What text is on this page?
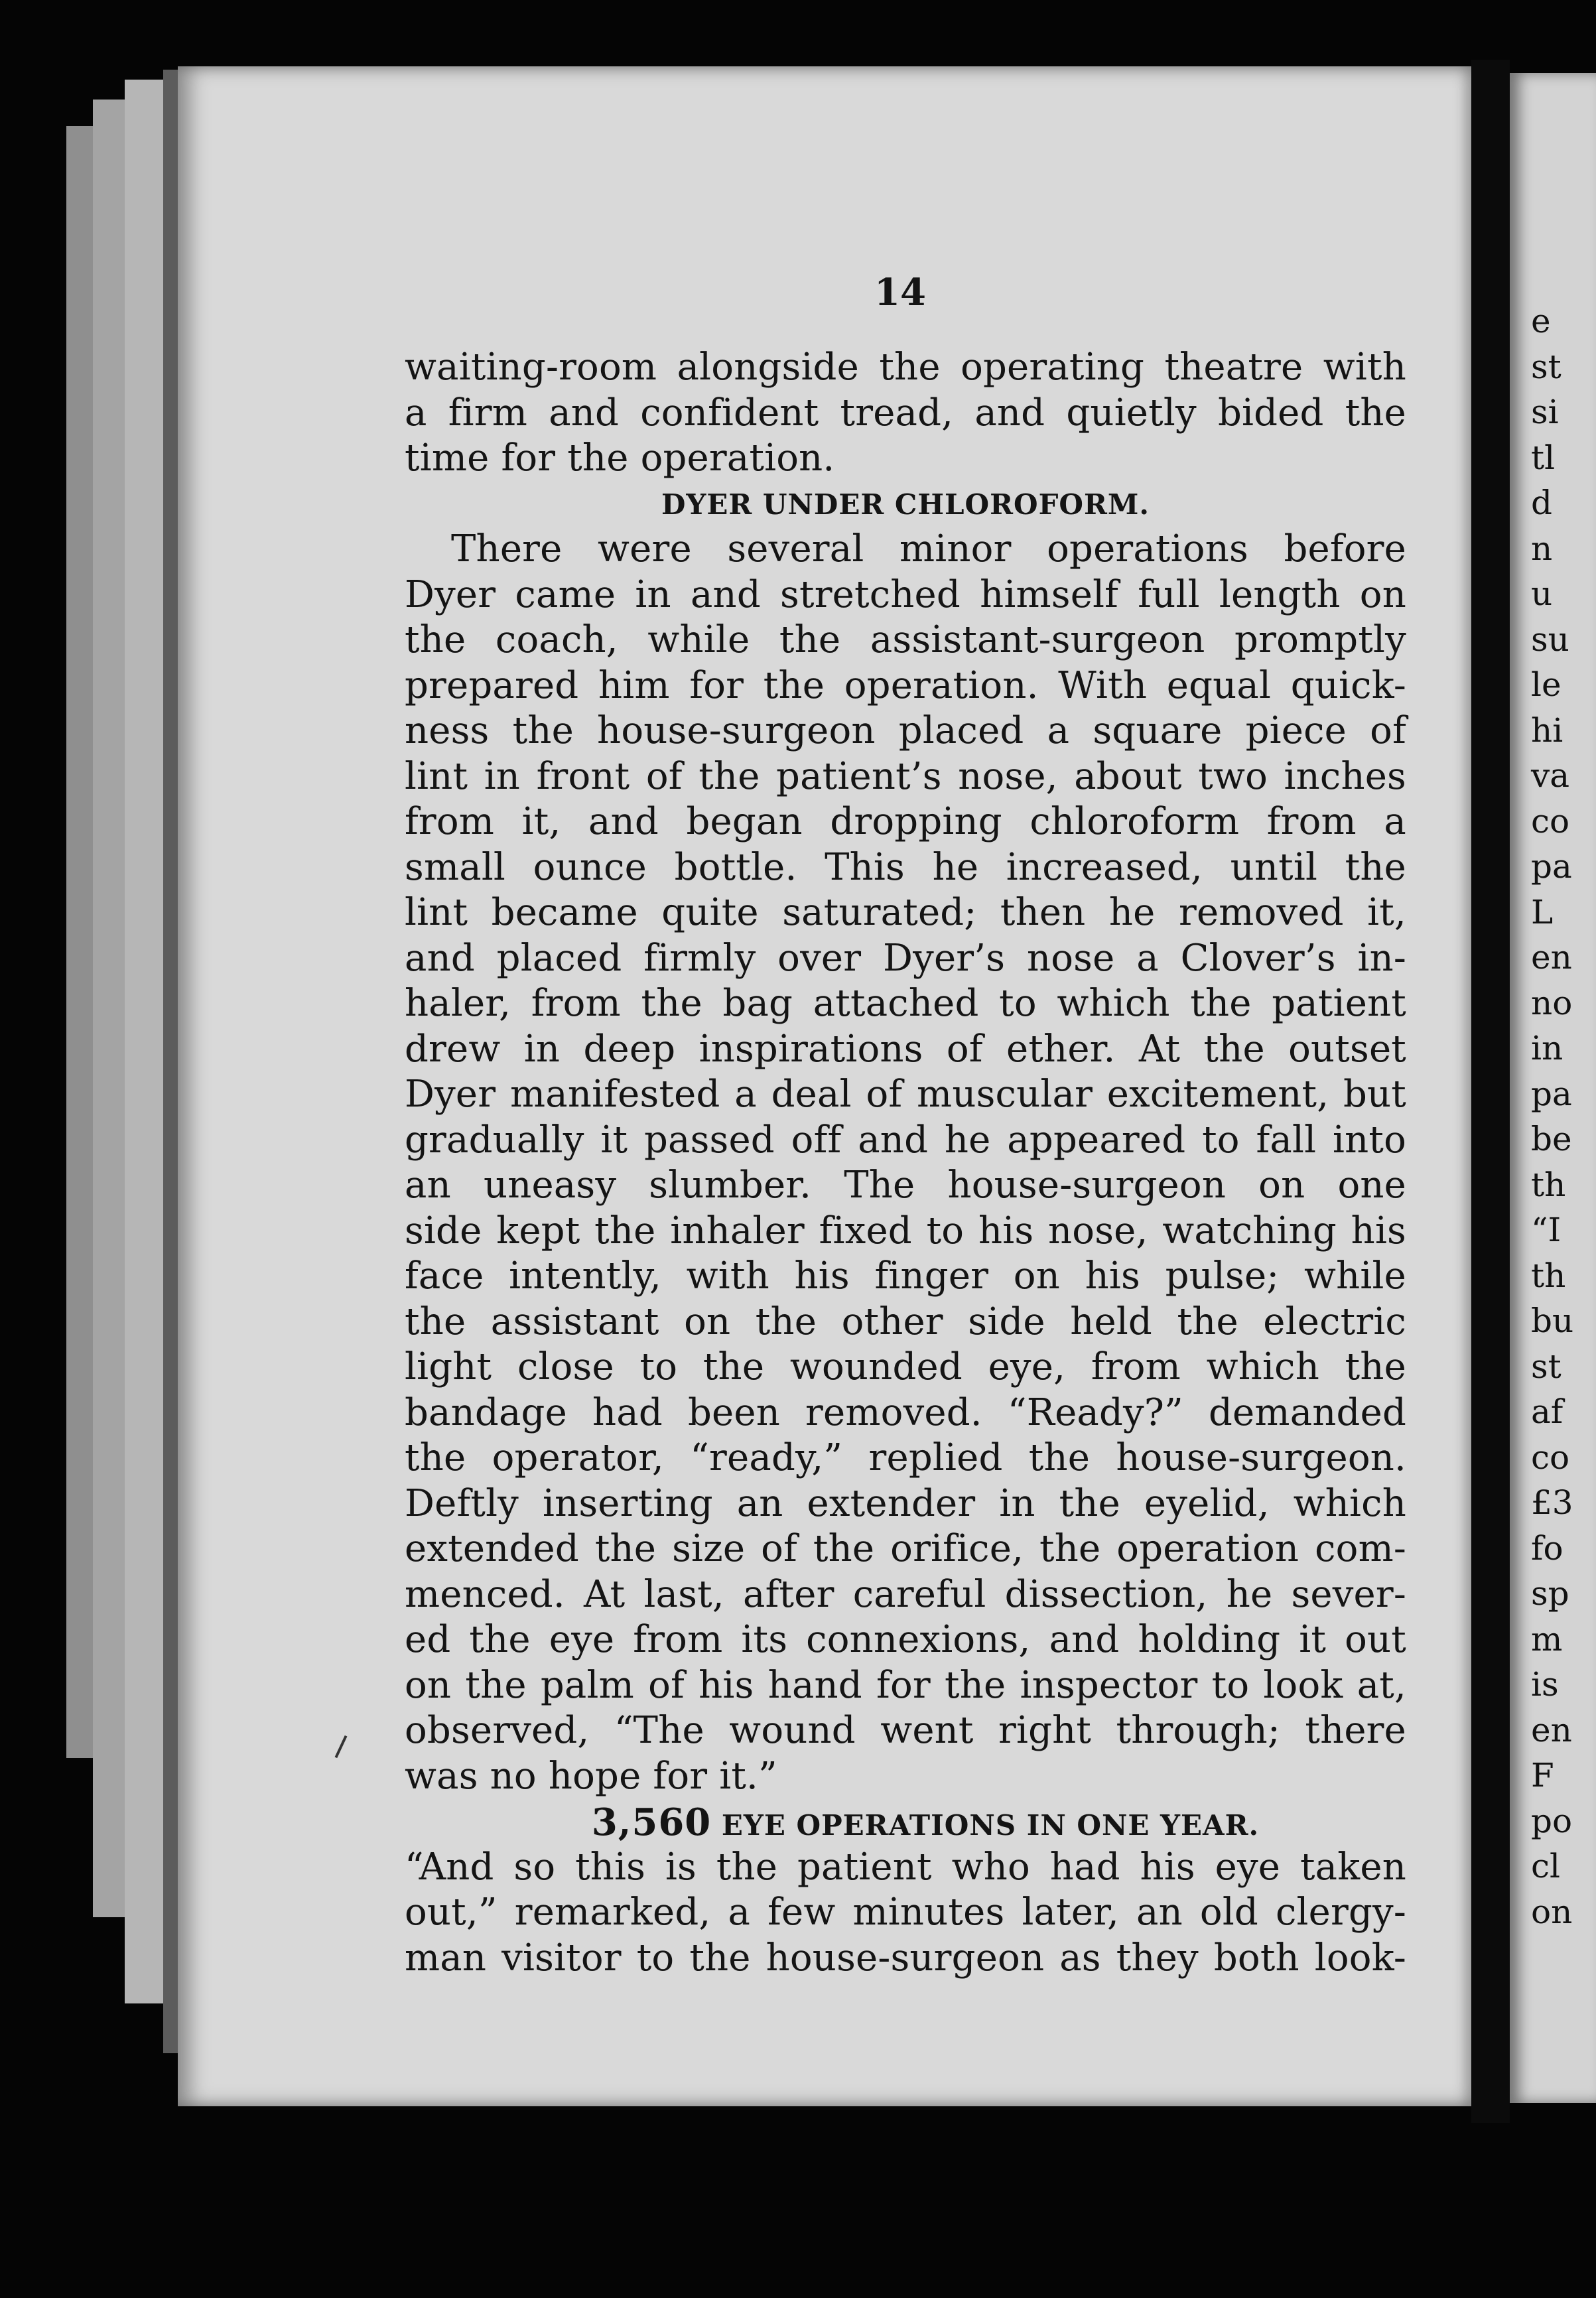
e
st
si
tl
d
n
u
su
le
hi
va
co
pa
L
en
no
in
pa
be
th
“I
th
bu
st
af
co
£3
fo
sp
m
is
en
F
po
cl
on
14
waiting-room alongside the operating theatre with
a firm and confident tread, and quietly bided the
time for the operation.
DYER UNDER CHLOROFORM.
There were several minor operations before
Dyer came in and stretched himself full length on
the coach, while the assistant-surgeon promptly
prepared him for the operation. With equal quick-
ness the house-surgeon placed a square piece of
lint in front of the patient’s nose, about two inches
from it, and began dropping chloroform from a
small ounce bottle. This he increased, until the
lint became quite saturated; then he removed it,
and placed firmly over Dyer’s nose a Clover’s in-
haler, from the bag attached to which the patient
drew in deep inspirations of ether. At the outset
Dyer manifested a deal of muscular excitement, but
gradually it passed off and he appeared to fall into
an uneasy slumber. The house-surgeon on one
side kept the inhaler fixed to his nose, watching his
face intently, with his finger on his pulse; while
the assistant on the other side held the electric
light close to the wounded eye, from which the
bandage had been removed. “Ready?” demanded
the operator, “ready,” replied the house-surgeon.
Deftly inserting an extender in the eyelid, which
extended the size of the orifice, the operation com-
menced. At last, after careful dissection, he sever-
ed the eye from its connexions, and holding it out
on the palm of his hand for the inspector to look at,
observed, “The wound went right through; there
was no hope for it.”
3,560 EYE OPERATIONS IN ONE YEAR.
“And so this is the patient who had his eye taken
out,” remarked, a few minutes later, an old clergy-
man visitor to the house-surgeon as they both look-
